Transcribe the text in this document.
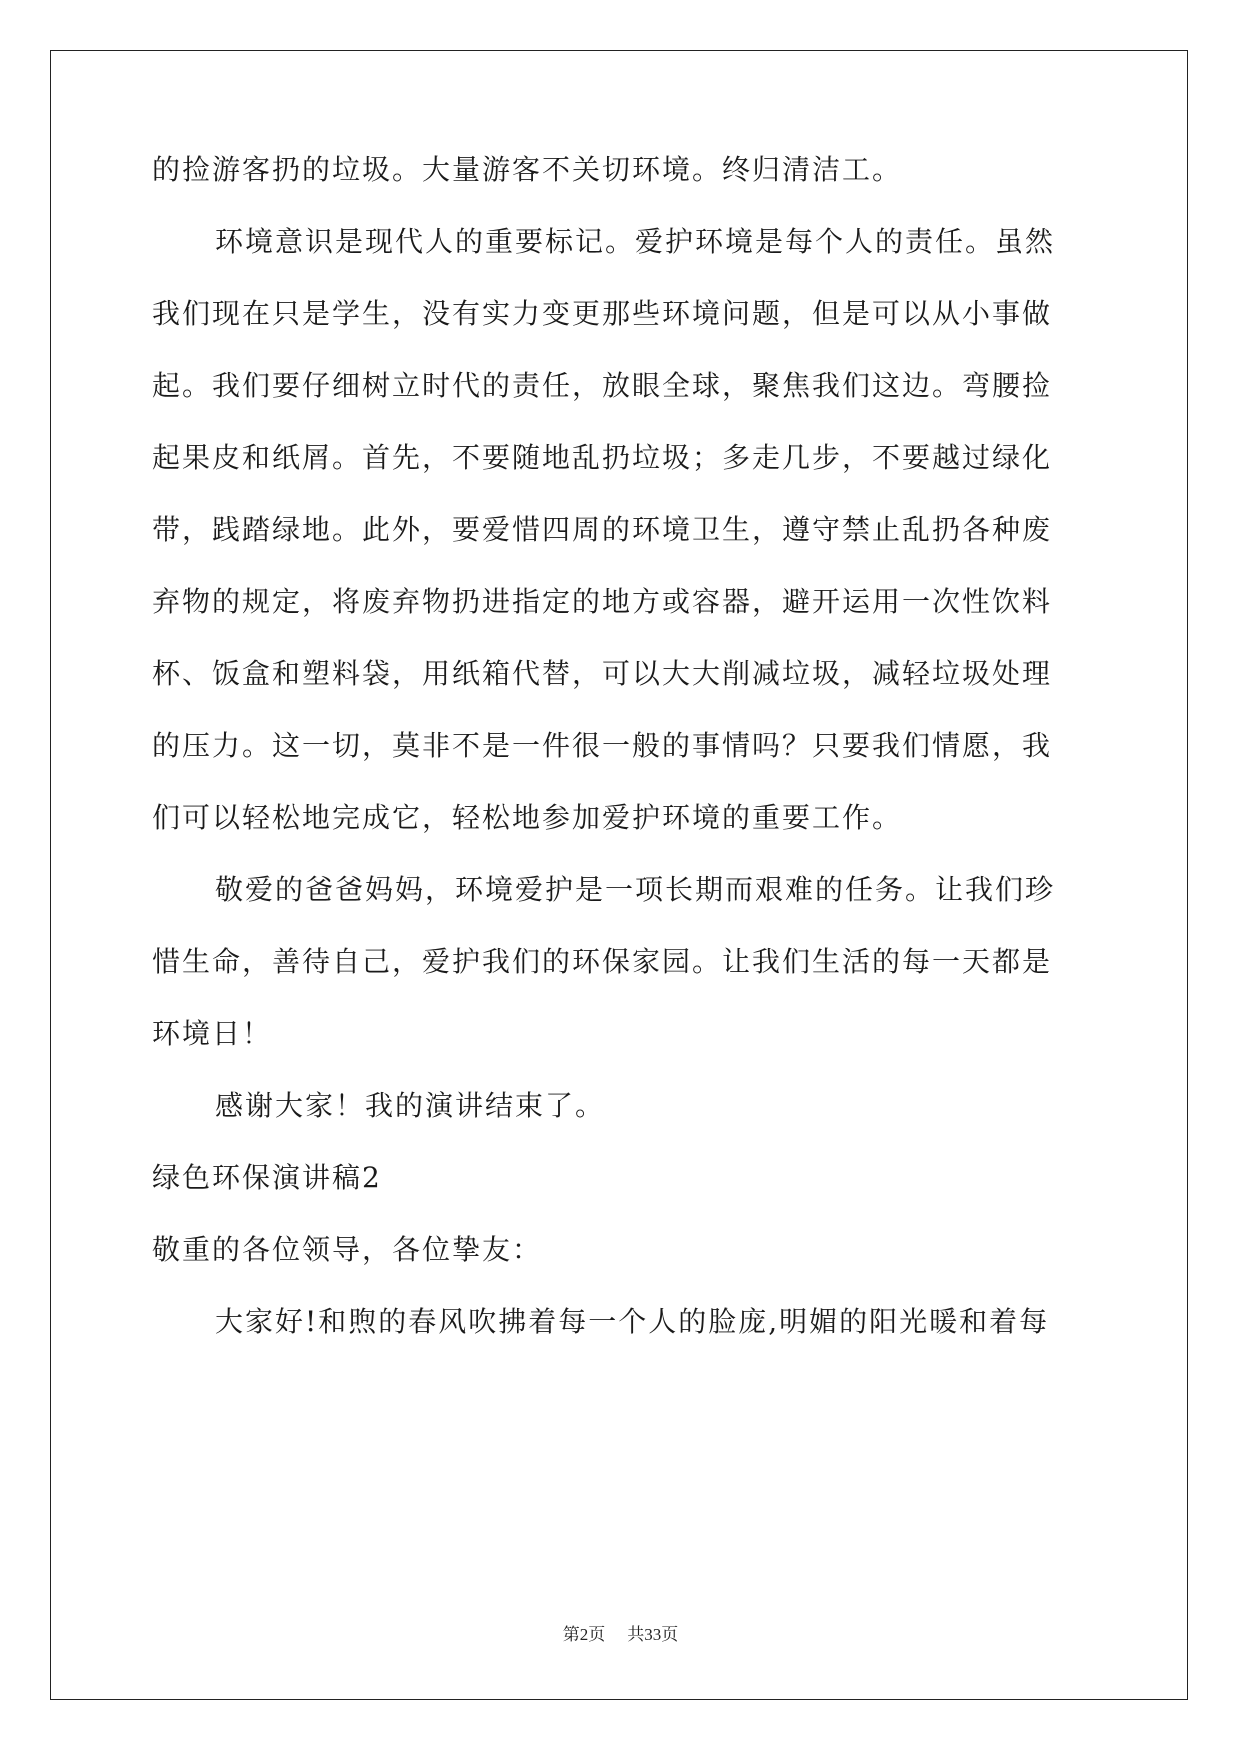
的捡游客扔的垃圾。大量游客不关切环境。终归清洁工。
环境意识是现代人的重要标记。爱护环境是每个人的责任。虽然
我们现在只是学生，没有实力变更那些环境问题，但是可以从小事做
起。我们要仔细树立时代的责任，放眼全球，聚焦我们这边。弯腰捡
起果皮和纸屑。首先，不要随地乱扔垃圾；多走几步，不要越过绿化
带，践踏绿地。此外，要爱惜四周的环境卫生，遵守禁止乱扔各种废
弃物的规定，将废弃物扔进指定的地方或容器，避开运用一次性饮料
杯、饭盒和塑料袋，用纸箱代替，可以大大削减垃圾，减轻垃圾处理
的压力。这一切，莫非不是一件很一般的事情吗？只要我们情愿，我
们可以轻松地完成它，轻松地参加爱护环境的重要工作。
敬爱的爸爸妈妈，环境爱护是一项长期而艰难的任务。让我们珍
惜生命，善待自己，爱护我们的环保家园。让我们生活的每一天都是
环境日！
感谢大家！我的演讲结束了。
绿色环保演讲稿2
敬重的各位领导，各位挚友：
大家好!和煦的春风吹拂着每一个人的脸庞,明媚的阳光暖和着每
第2页 共33页
